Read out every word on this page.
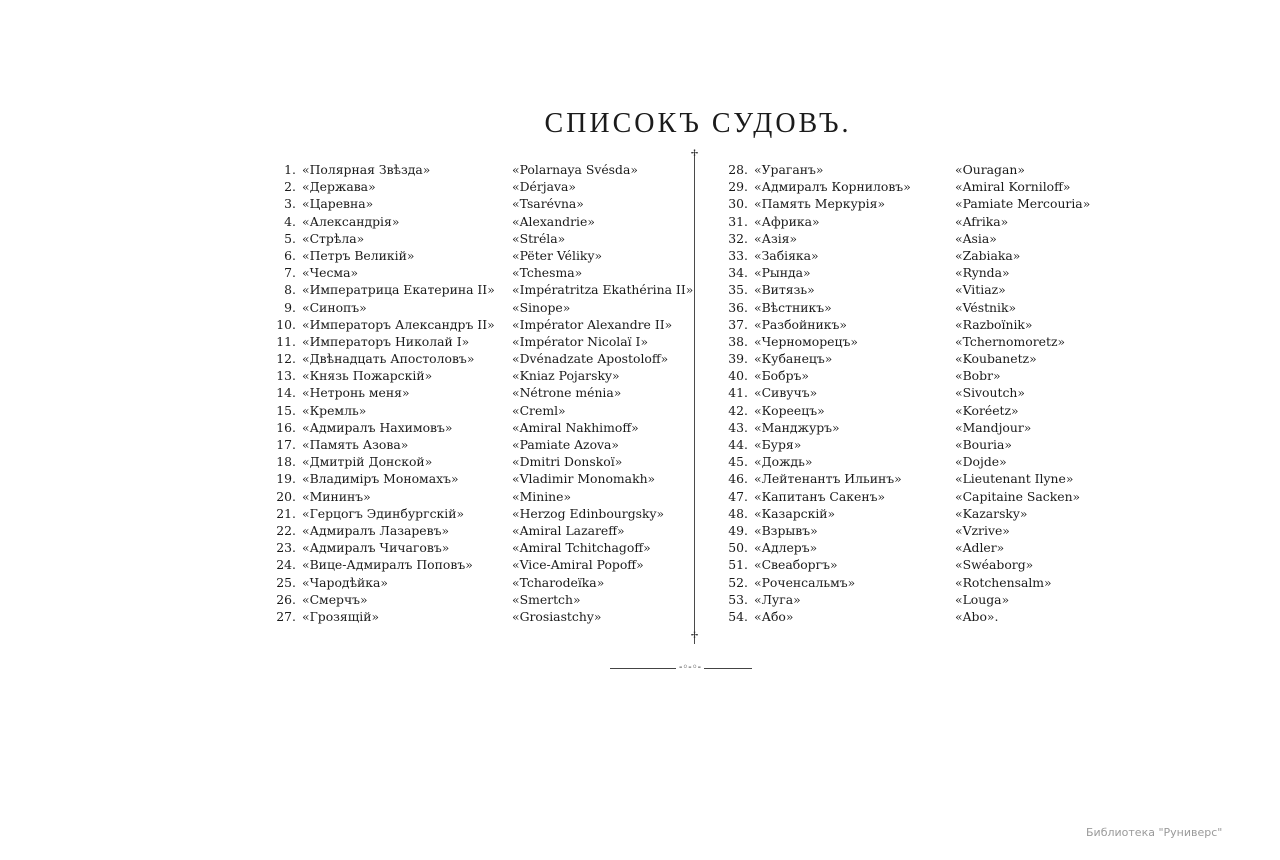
СПИСОКЪ СУДОВЪ.
1. «Полярная Звѣзда»
2. «Держава»
3. «Царевна»
4. «Александрія»
5. «Стрѣла»
6. «Петръ Великій»
7. «Чесма»
8. «Императрица Екатерина II»
9. «Синопъ»
10. «Императоръ Александръ II»
11. «Императоръ Николай I»
12. «Двѣнадцать Апостоловъ»
13. «Князь Пожарскій»
14. «Нетронь меня»
15. «Кремль»
16. «Адмиралъ Нахимовъ»
17. «Память Азова»
18. «Дмитрій Донской»
19. «Владиміръ Мономахъ»
20. «Мининъ»
21. «Герцогъ Эдинбургскій»
22. «Адмиралъ Лазаревъ»
23. «Адмиралъ Чичаговъ»
24. «Вице-Адмиралъ Поповъ»
25. «Чародѣйка»
26. «Смерчъ»
27. «Грозящій»
«Polarnaya Svésda»
«Dérjava»
«Tsarévna»
«Alexandrie»
«Stréla»
«Pëter Véliky»
«Tchesma»
«Impératritza Ekathérina II»
«Sinope»
«Impérator Alexandre II»
«Impérator Nicolaï I»
«Dvénadzate Apostoloff»
«Kniaz Pojarsky»
«Nétrone ménia»
«Creml»
«Amiral Nakhimoff»
«Pamiate Azova»
«Dmitri Donskoï»
«Vladimir Monomakh»
«Minine»
«Herzog Edinbourgsky»
«Amiral Lazareff»
«Amiral Tchitchagoff»
«Vice-Amiral Popoff»
«Tcharodeïka»
«Smertch»
«Grosiastchy»
✢
✢
28. «Ураганъ»
29. «Адмиралъ Корниловъ»
30. «Память Меркурія»
31. «Африка»
32. «Азія»
33. «Забіяка»
34. «Рында»
35. «Витязь»
36. «Вѣстникъ»
37. «Разбойникъ»
38. «Черноморецъ»
39. «Кубанецъ»
40. «Бобръ»
41. «Сивучъ»
42. «Кореецъ»
43. «Манджуръ»
44. «Буря»
45. «Дождь»
46. «Лейтенантъ Ильинъ»
47. «Капитанъ Сакенъ»
48. «Казарскій»
49. «Взрывъ»
50. «Адлеръ»
51. «Свеаборгъ»
52. «Роченсальмъ»
53. «Луга»
54. «Або»
«Ouragan»
«Amiral Korniloff»
«Pamiate Mercouria»
«Afrika»
«Asia»
«Zabiaka»
«Rynda»
«Vitiaz»
«Véstnik»
«Razboïnik»
«Tchernomoretz»
«Koubanetz»
«Bobr»
«Sivoutch»
«Koréetz»
«Mandjour»
«Bouria»
«Dojde»
«Lieutenant Ilyne»
«Capitaine Sacken»
«Kazarsky»
«Vzrive»
«Adler»
«Swéaborg»
«Rotchensalm»
«Louga»
«Abo».
-◦-◦-
Библиотека "Руниверс"
